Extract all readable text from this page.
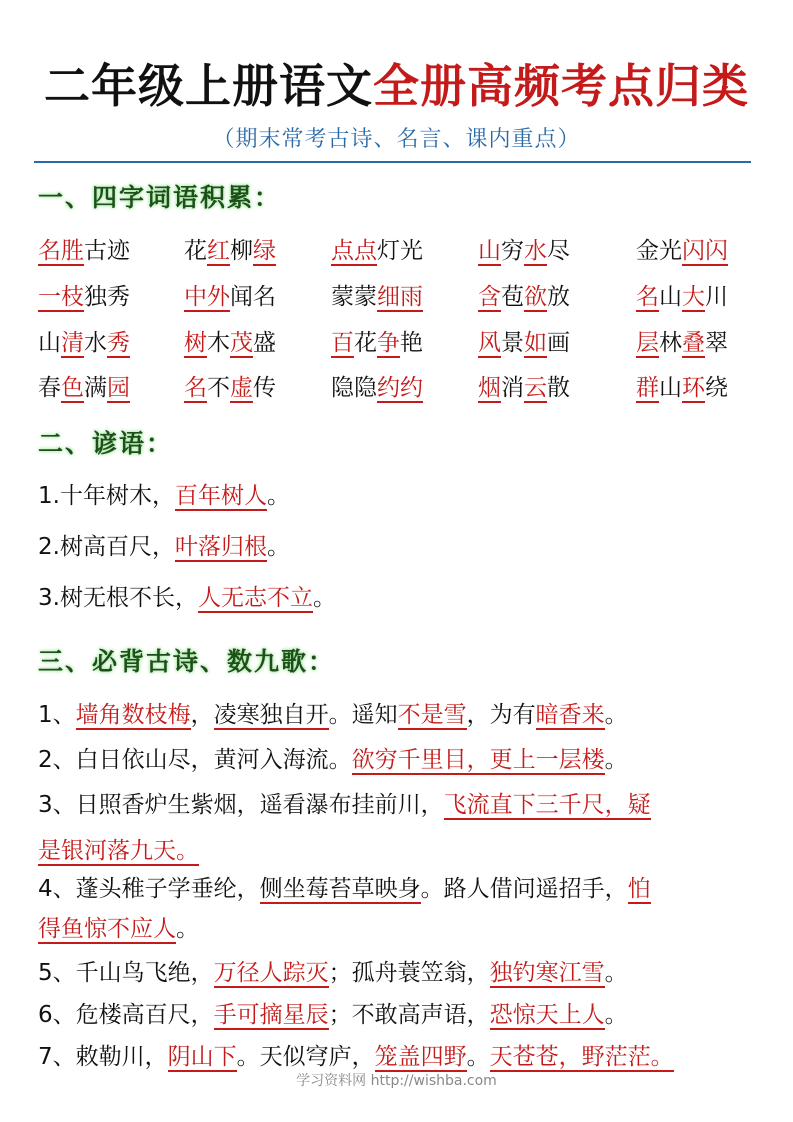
二年级上册语文全册高频考点归类
（期末常考古诗、名言、课内重点）
一、四字词语积累：
名胜古迹 花红柳绿 点点灯光 山穷水尽	金光闪闪
一枝独秀 中外闻名 蒙蒙细雨 含苞欲放	名山大川
山清水秀 树木茂盛 百花争艳 风景如画	层林叠翠
春色满园 名不虚传 隐隐约约 烟消云散	群山环绕
二、谚语：
1.十年树木，百年树人。
2.树高百尺，叶落归根。
3.树无根不长，人无志不立。
三、必背古诗、数九歌：
1、墙角数枝梅，凌寒独自开。遥知不是雪，为有暗香来。
2、白日依山尽，黄河入海流。欲穷千里目，更上一层楼。
3、日照香炉生紫烟，遥看瀑布挂前川，飞流直下三千尺，疑
是银河落九天。
4、蓬头稚子学垂纶，侧坐莓苔草映身。路人借问遥招手，怕
得鱼惊不应人。
5、千山鸟飞绝，万径人踪灭；孤舟蓑笠翁，独钓寒江雪。
6、危楼高百尺，手可摘星辰；不敢高声语，恐惊天上人。
7、敕勒川，阴山下。天似穹庐，笼盖四野。天苍苍，野茫茫。
学习资料网 http://wishba.com
